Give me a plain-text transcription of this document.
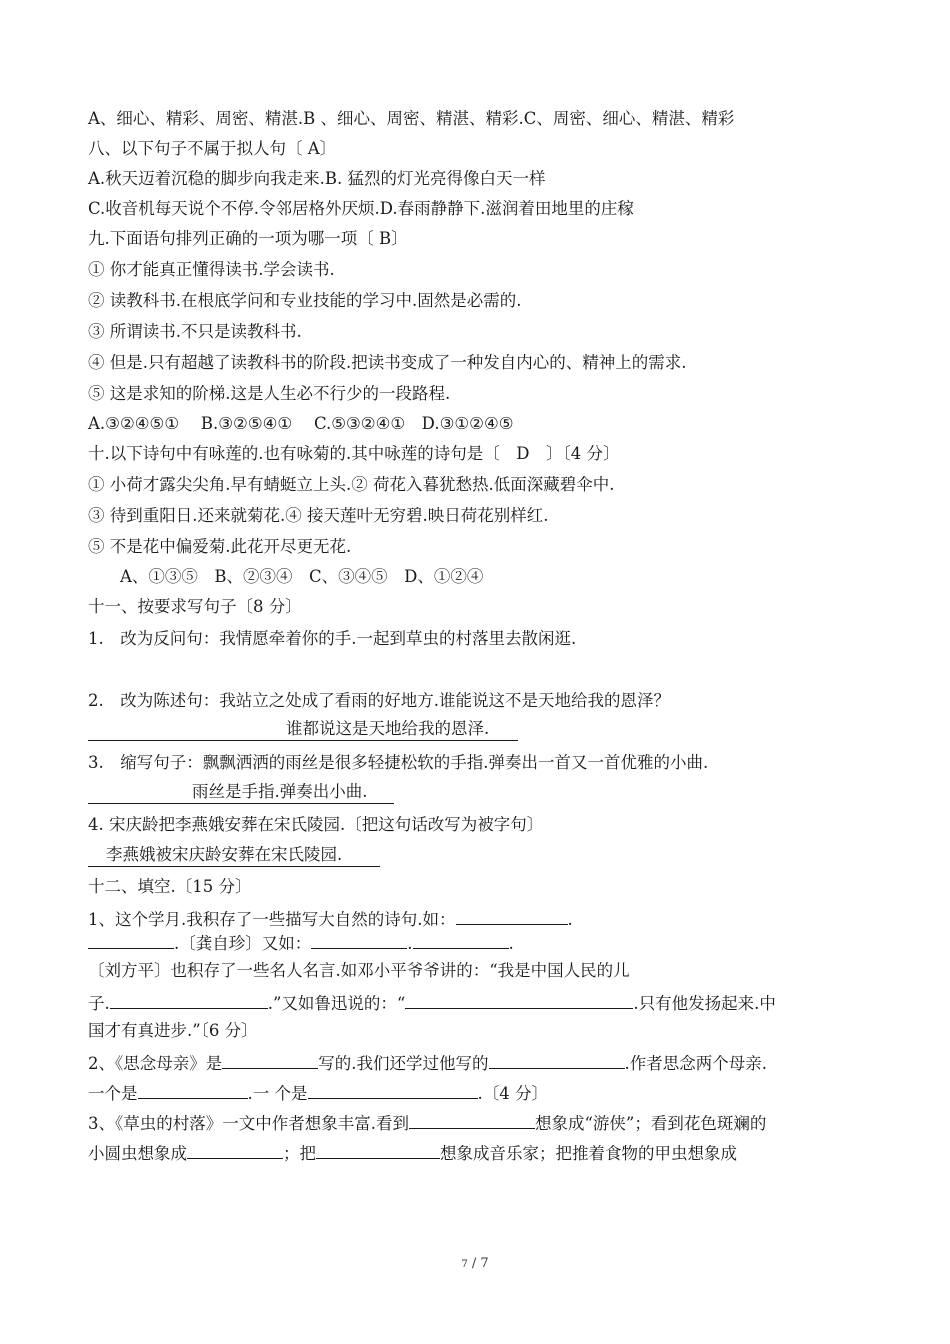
A、细心、精彩、周密、精湛.B 、细心、周密、精湛、精彩.C、周密、细心、精湛、精彩
八、以下句子不属于拟人句〔 A〕
A.秋天迈着沉稳的脚步向我走来.B. 猛烈的灯光亮得像白天一样
C.收音机每天说个不停.令邻居格外厌烦.D.春雨静静下.滋润着田地里的庄稼
九.下面语句排列正确的一项为哪一项〔 B〕
① 你才能真正懂得读书.学会读书.
② 读教科书.在根底学问和专业技能的学习中.固然是必需的.
③ 所谓读书.不只是读教科书.
④ 但是.只有超越了读教科书的阶段.把读书变成了一种发自内心的、精神上的需求.
⑤ 这是求知的阶梯.这是人生必不行少的一段路程.
A.③②④⑤①　 B.③②⑤④①　 C.⑤③②④①　D.③①②④⑤
十.以下诗句中有咏莲的.也有咏菊的.其中咏莲的诗句是〔　D　〕〔4 分〕
① 小荷才露尖尖角.早有蜻蜓立上头.② 荷花入暮犹愁热.低面深藏碧伞中.
③ 待到重阳日.还来就菊花.④ 接天莲叶无穷碧.映日荷花别样红.
⑤ 不是花中偏爱菊.此花开尽更无花.
A、①③⑤　B、②③④　C、③④⑤　D、①②④
十一、按要求写句子〔8 分〕
1.　改为反问句：我情愿牵着你的手.一起到草虫的村落里去散闲逛.
2.　改为陈述句：我站立之处成了看雨的好地方.谁能说这不是天地给我的恩泽？
谁都说这是天地给我的恩泽.
3.　缩写句子：飘飘洒洒的雨丝是很多轻捷松软的手指.弹奏出一首又一首优雅的小曲.
雨丝是手指.弹奏出小曲.
4. 宋庆龄把李燕娥安葬在宋氏陵园.〔把这句话改写为被字句〕
李燕娥被宋庆龄安葬在宋氏陵园.
十二、填空.〔15 分〕
1、这个学月.我积存了一些描写大自然的诗句.如：	.
.〔龚自珍〕又如：	.	.
〔刘方平〕也积存了一些名人名言.如邓小平爷爷讲的：“我是中国人民的儿
子.	.”又如鲁迅说的：“	.只有他发扬起来.中
国才有真进步.”〔6 分〕
2、《思念母亲》是	写的.我们还学过他写的	.作者思念两个母亲.
一个是	.一 个是	.〔4 分〕
3、《草虫的村落》一文中作者想象丰富.看到	想象成“游侠”；看到花色斑斓的
小圆虫想象成	；把	想象成音乐家；把推着食物的甲虫想象成
7 / 7
